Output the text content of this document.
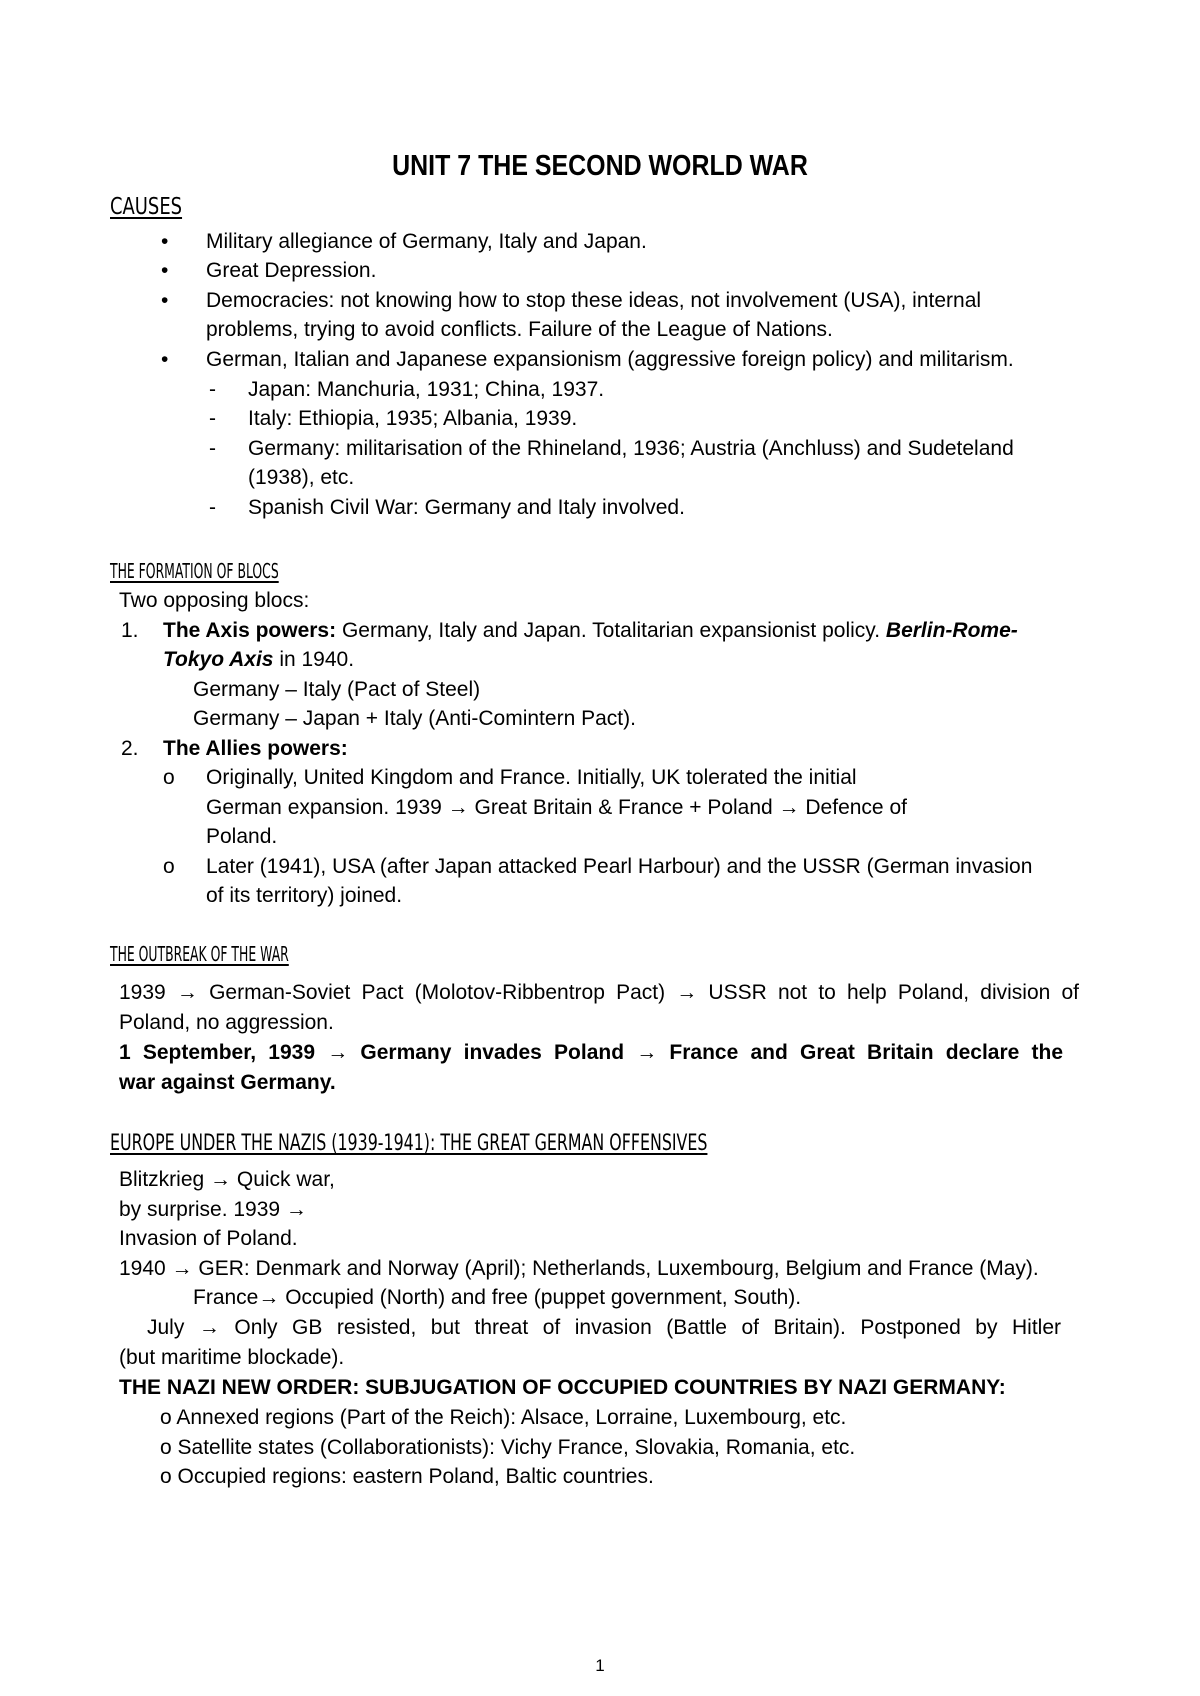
UNIT 7 THE SECOND WORLD WAR
CAUSES
• Military allegiance of Germany, Italy and Japan.
• Great Depression.
• Democracies: not knowing how to stop these ideas, not involvement (USA), internal
problems, trying to avoid conflicts. Failure of the League of Nations.
• German, Italian and Japanese expansionism (aggressive foreign policy) and militarism.
- Japan: Manchuria, 1931; China, 1937.
- Italy: Ethiopia, 1935; Albania, 1939.
- Germany: militarisation of the Rhineland, 1936; Austria (Anchluss) and Sudeteland
(1938), etc.
- Spanish Civil War: Germany and Italy involved.
THE FORMATION OF BLOCS
Two opposing blocs:
1. The Axis powers: Germany, Italy and Japan. Totalitarian expansionist policy. Berlin-Rome-
Tokyo Axis in 1940.
Germany – Italy (Pact of Steel)
Germany – Japan + Italy (Anti-Comintern Pact).
2. The Allies powers:
o Originally, United Kingdom and France. Initially, UK tolerated the initial
German expansion. 1939 → Great Britain & France + Poland → Defence of
Poland.
o Later (1941), USA (after Japan attacked Pearl Harbour) and the USSR (German invasion
of its territory) joined.
THE OUTBREAK OF THE WAR
1939 → German-Soviet Pact (Molotov-Ribbentrop Pact) → USSR not to help Poland, division of
Poland, no aggression.
1 September, 1939 → Germany invades Poland → France and Great Britain declare the
war against Germany.
EUROPE UNDER THE NAZIS (1939-1941): THE GREAT GERMAN OFFENSIVES
Blitzkrieg → Quick war,
by surprise. 1939 →
Invasion of Poland.
1940 → GER: Denmark and Norway (April); Netherlands, Luxembourg, Belgium and France (May).
France→ Occupied (North) and free (puppet government, South).
July → Only GB resisted, but threat of invasion (Battle of Britain). Postponed by Hitler
(but maritime blockade).
THE NAZI NEW ORDER: SUBJUGATION OF OCCUPIED COUNTRIES BY NAZI GERMANY:
o Annexed regions (Part of the Reich): Alsace, Lorraine, Luxembourg, etc.
o Satellite states (Collaborationists): Vichy France, Slovakia, Romania, etc.
o Occupied regions: eastern Poland, Baltic countries.
1
